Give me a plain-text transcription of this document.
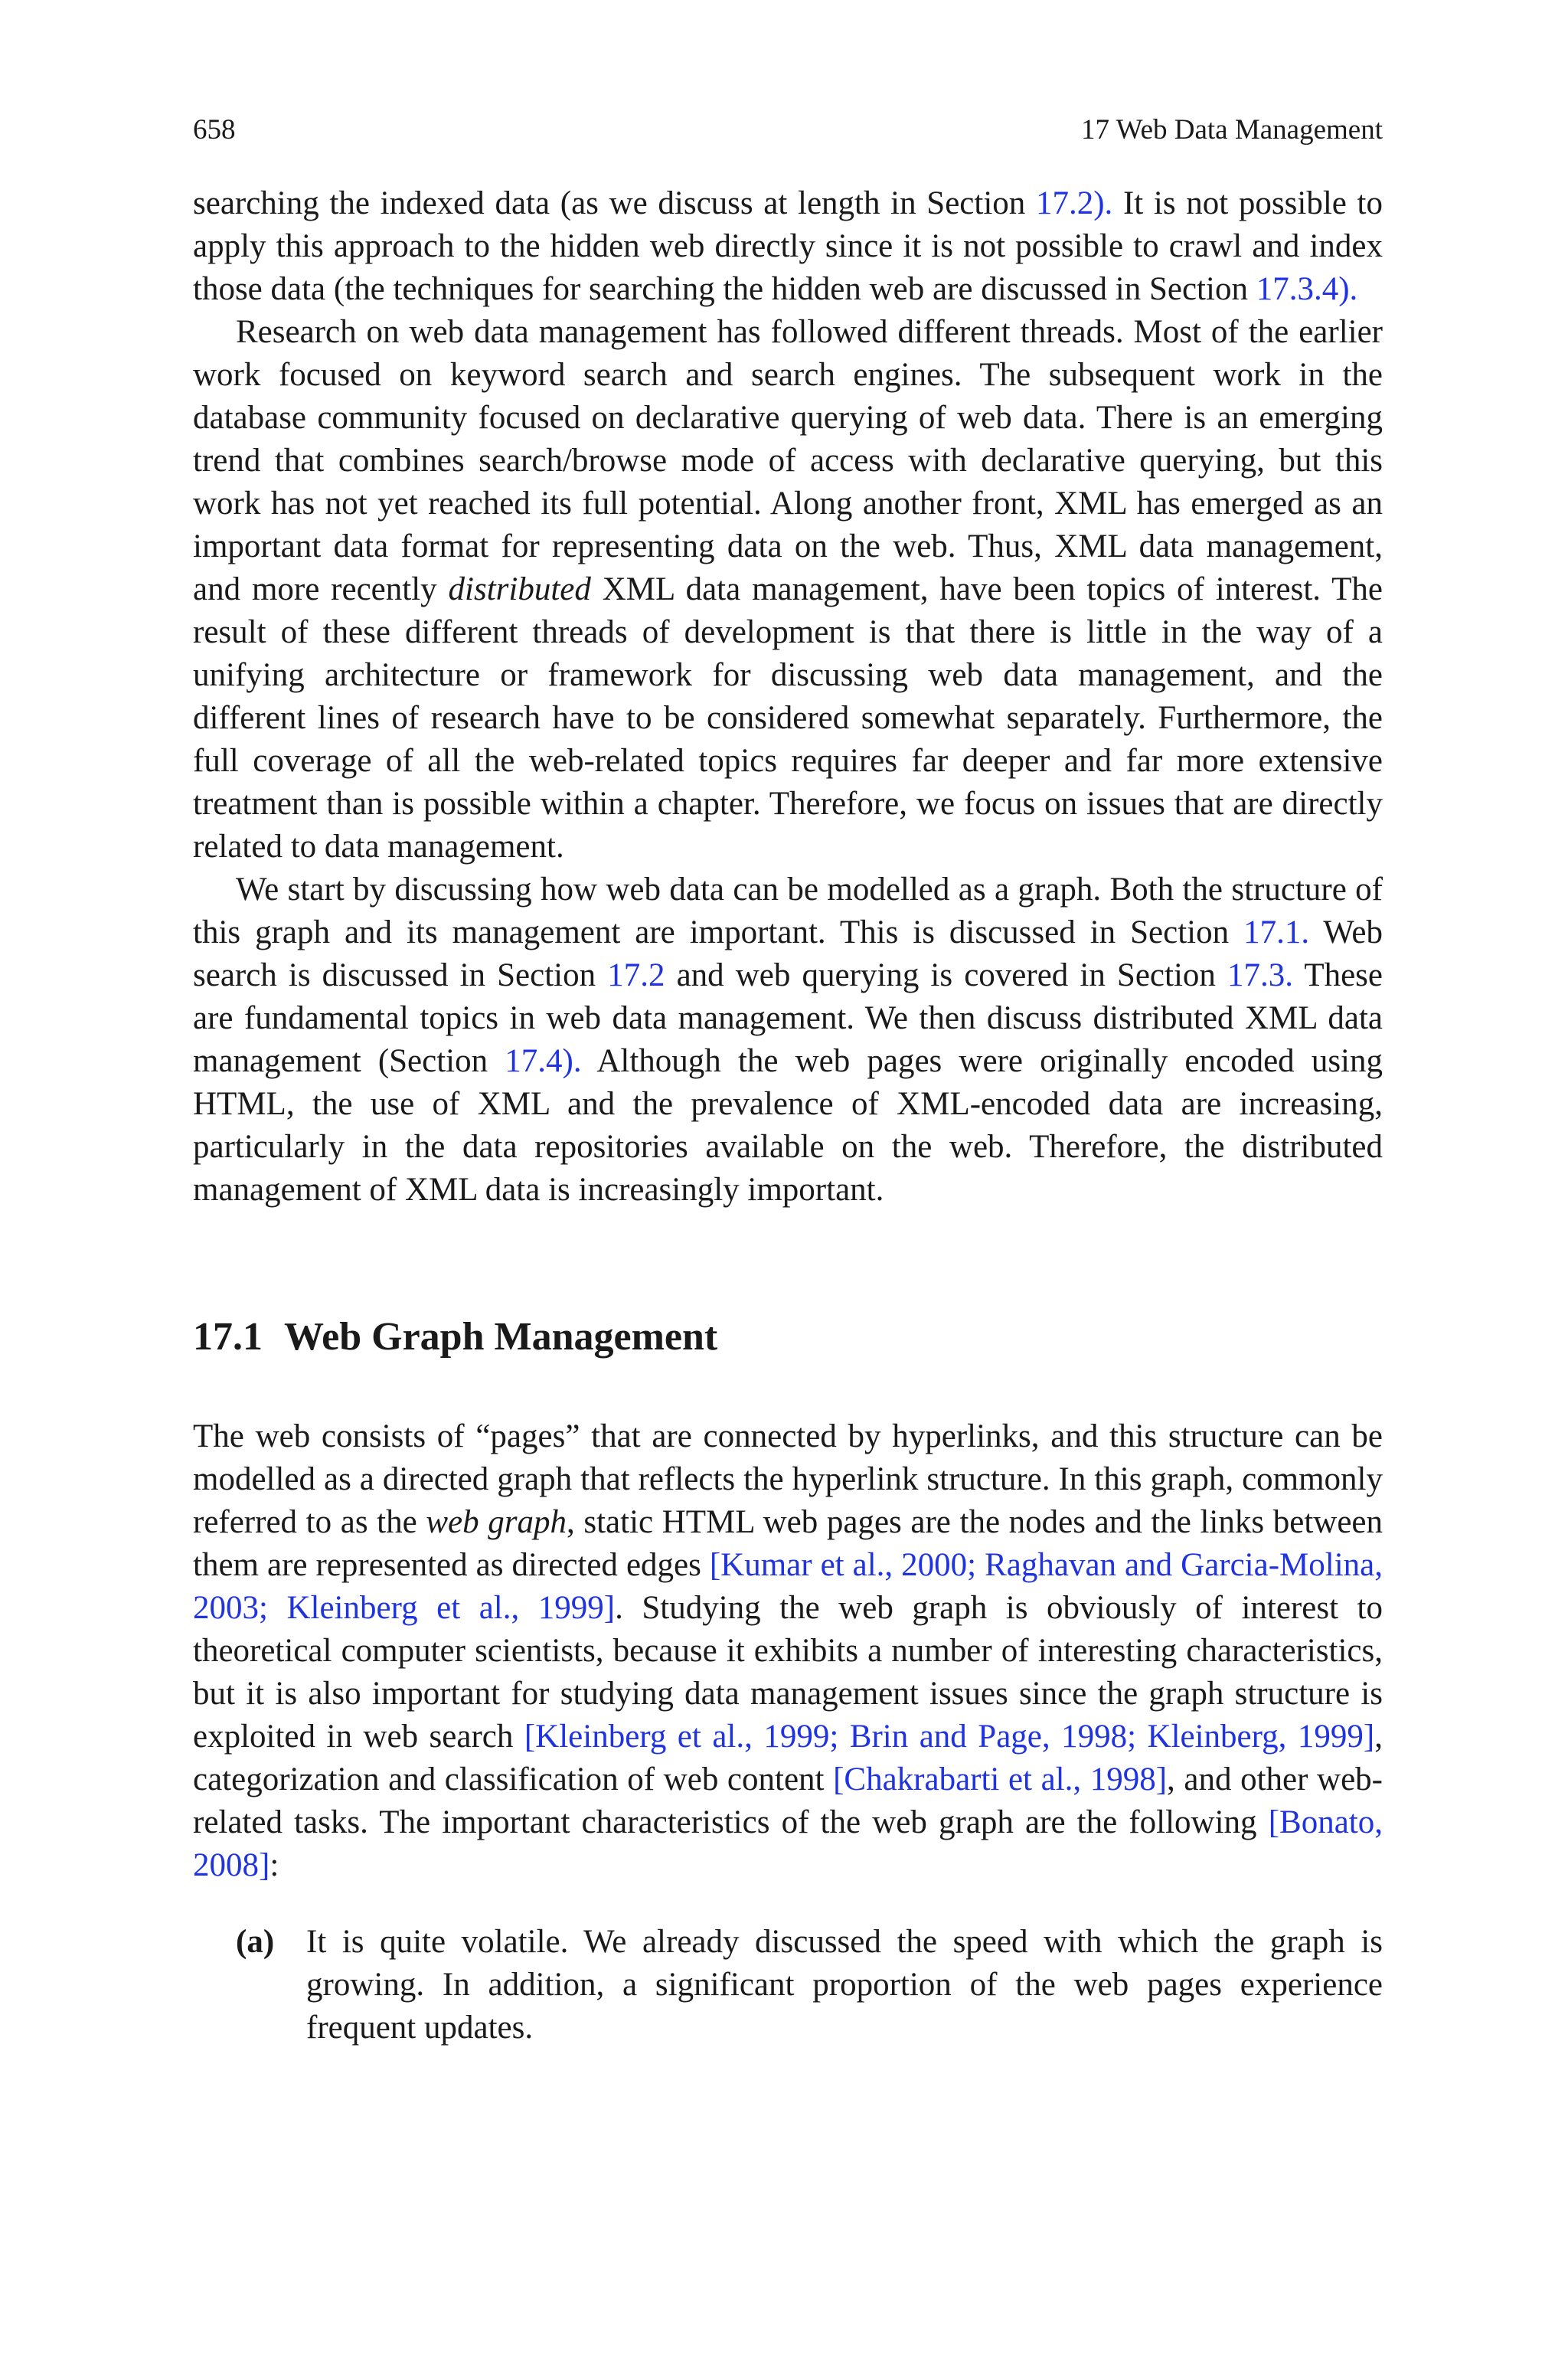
658	17 Web Data Management

searching the indexed data (as we discuss at length in Section 17.2). It is not possible to apply this approach to the hidden web directly since it is not possible to crawl and index those data (the techniques for searching the hidden web are discussed in Section 17.3.4).

Research on web data management has followed different threads. Most of the earlier work focused on keyword search and search engines. The subsequent work in the database community focused on declarative querying of web data. There is an emerging trend that combines search/browse mode of access with declarative querying, but this work has not yet reached its full potential. Along another front, XML has emerged as an important data format for representing data on the web. Thus, XML data management, and more recently distributed XML data management, have been topics of interest. The result of these different threads of development is that there is little in the way of a unifying architecture or framework for discussing web data management, and the different lines of research have to be considered somewhat separately. Furthermore, the full coverage of all the web-related topics requires far deeper and far more extensive treatment than is possible within a chapter. Therefore, we focus on issues that are directly related to data management.

We start by discussing how web data can be modelled as a graph. Both the structure of this graph and its management are important. This is discussed in Section 17.1. Web search is discussed in Section 17.2 and web querying is covered in Section 17.3. These are fundamental topics in web data management. We then discuss distributed XML data management (Section 17.4). Although the web pages were originally encoded using HTML, the use of XML and the prevalence of XML-encoded data are increasing, particularly in the data repositories available on the web. Therefore, the distributed management of XML data is increasingly important.

17.1 Web Graph Management

The web consists of “pages” that are connected by hyperlinks, and this structure can be modelled as a directed graph that reflects the hyperlink structure. In this graph, commonly referred to as the web graph, static HTML web pages are the nodes and the links between them are represented as directed edges [Kumar et al., 2000; Raghavan and Garcia-Molina, 2003; Kleinberg et al., 1999]. Studying the web graph is obviously of interest to theoretical computer scientists, because it exhibits a number of interesting characteristics, but it is also important for studying data management issues since the graph structure is exploited in web search [Kleinberg et al., 1999; Brin and Page, 1998; Kleinberg, 1999], categorization and classification of web content [Chakrabarti et al., 1998], and other web-related tasks. The important characteristics of the web graph are the following [Bonato, 2008]:

(a) It is quite volatile. We already discussed the speed with which the graph is growing. In addition, a significant proportion of the web pages experience frequent updates.
